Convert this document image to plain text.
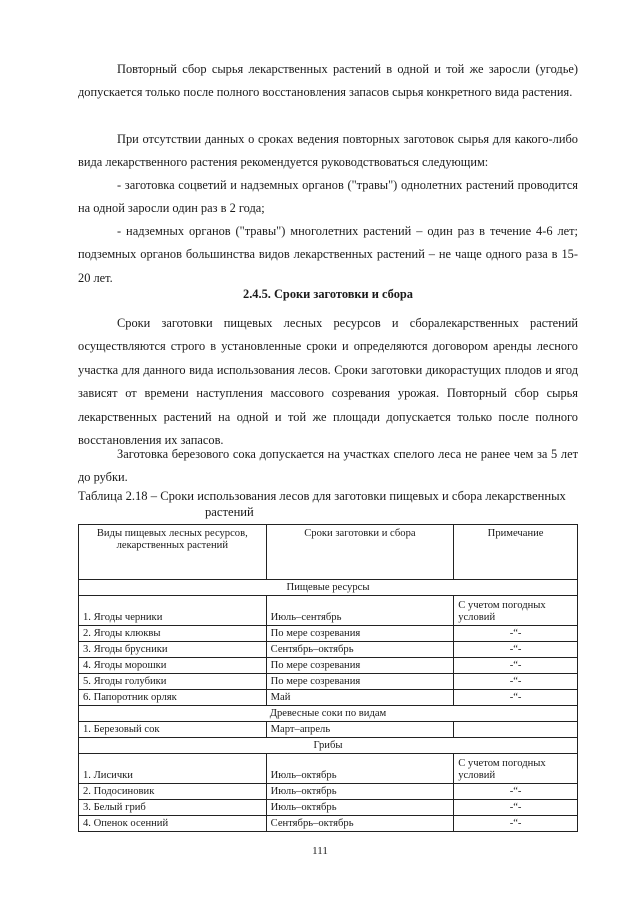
Повторный сбор сырья лекарственных растений в одной и той же заросли (угодье) допускается только после полного восстановления запасов сырья конкретного вида растения.

При отсутствии данных о сроках ведения повторных заготовок сырья для какого-либо вида лекарственного растения рекомендуется руководствоваться следующим:

- заготовка соцветий и надземных органов ("травы") однолетних растений проводится на одной заросли один раз в 2 года;

- надземных органов ("травы") многолетних растений – один раз в течение 4-6 лет; подземных органов большинства видов лекарственных растений – не чаще одного раза в 15-20 лет.

2.4.5. Сроки заготовки и сбора

Сроки заготовки пищевых лесных ресурсов и сборалекарственных растений осуществляются строго в установленные сроки и определяются договором аренды лесного участка для данного вида использования лесов. Сроки заготовки дикорастущих плодов и ягод зависят от времени наступления массового созревания урожая. Повторный сбор сырья лекарственных растений на одной и той же площади допускается только после полного восстановления их запасов.

Заготовка березового сока допускается на участках спелого леса не ранее чем за 5 лет до рубки.

Таблица 2.18 – Сроки использования лесов для заготовки пищевых и сбора лекарственных
растений

Виды пищевых лесных ресурсов, лекарственных растений	Сроки заготовки и сбора	Примечание
Пищевые ресурсы		
1. Ягоды черники	Июль–сентябрь	С учетом погодных условий
2. Ягоды клюквы	По мере созревания	-“-
3. Ягоды брусники	Сентябрь–октябрь	-“-
4. Ягоды морошки	По мере созревания	-“-
5. Ягоды голубики	По мере созревания	-“-
6. Папоротник орляк	Май	-“-
Древесные соки по видам		
1. Березовый сок	Март–апрель	
Грибы		
1. Лисички	Июль–октябрь	С учетом погодных условий
2. Подосиновик	Июль–октябрь	-“-
3. Белый гриб	Июль–октябрь	-“-
4. Опенок осенний	Сентябрь–октябрь	-“-
111
